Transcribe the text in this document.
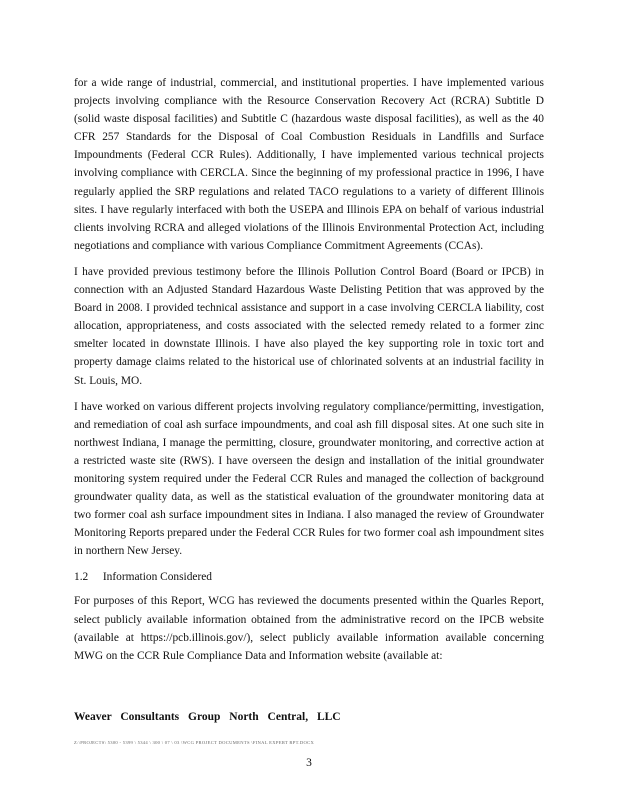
for a wide range of industrial, commercial, and institutional properties. I have implemented various projects involving compliance with the Resource Conservation Recovery Act (RCRA) Subtitle D (solid waste disposal facilities) and Subtitle C (hazardous waste disposal facilities), as well as the 40 CFR 257 Standards for the Disposal of Coal Combustion Residuals in Landfills and Surface Impoundments (Federal CCR Rules). Additionally, I have implemented various technical projects involving compliance with CERCLA. Since the beginning of my professional practice in 1996, I have regularly applied the SRP regulations and related TACO regulations to a variety of different Illinois sites. I have regularly interfaced with both the USEPA and Illinois EPA on behalf of various industrial clients involving RCRA and alleged violations of the Illinois Environmental Protection Act, including negotiations and compliance with various Compliance Commitment Agreements (CCAs).

I have provided previous testimony before the Illinois Pollution Control Board (Board or IPCB) in connection with an Adjusted Standard Hazardous Waste Delisting Petition that was approved by the Board in 2008. I provided technical assistance and support in a case involving CERCLA liability, cost allocation, appropriateness, and costs associated with the selected remedy related to a former zinc smelter located in downstate Illinois. I have also played the key supporting role in toxic tort and property damage claims related to the historical use of chlorinated solvents at an industrial facility in St. Louis, MO.

I have worked on various different projects involving regulatory compliance/permitting, investigation, and remediation of coal ash surface impoundments, and coal ash fill disposal sites. At one such site in northwest Indiana, I manage the permitting, closure, groundwater monitoring, and corrective action at a restricted waste site (RWS). I have overseen the design and installation of the initial groundwater monitoring system required under the Federal CCR Rules and managed the collection of background groundwater quality data, as well as the statistical evaluation of the groundwater monitoring data at two former coal ash surface impoundment sites in Indiana. I also managed the review of Groundwater Monitoring Reports prepared under the Federal CCR Rules for two former coal ash impoundment sites in northern New Jersey.

1.2 Information Considered

For purposes of this Report, WCG has reviewed the documents presented within the Quarles Report, select publicly available information obtained from the administrative record on the IPCB website (available at https://pcb.illinois.gov/), select publicly available information available concerning MWG on the CCR Rule Compliance Data and Information website (available at:

Weaver Consultants Group North Central, LLC
Z:\PROJECTS\ 5300 - 5399 \ 5344 \ 300 \ 07 \ 03 \WCG PROJECT DOCUMENTS \FINAL EXPERT RPT.DOCX
3
